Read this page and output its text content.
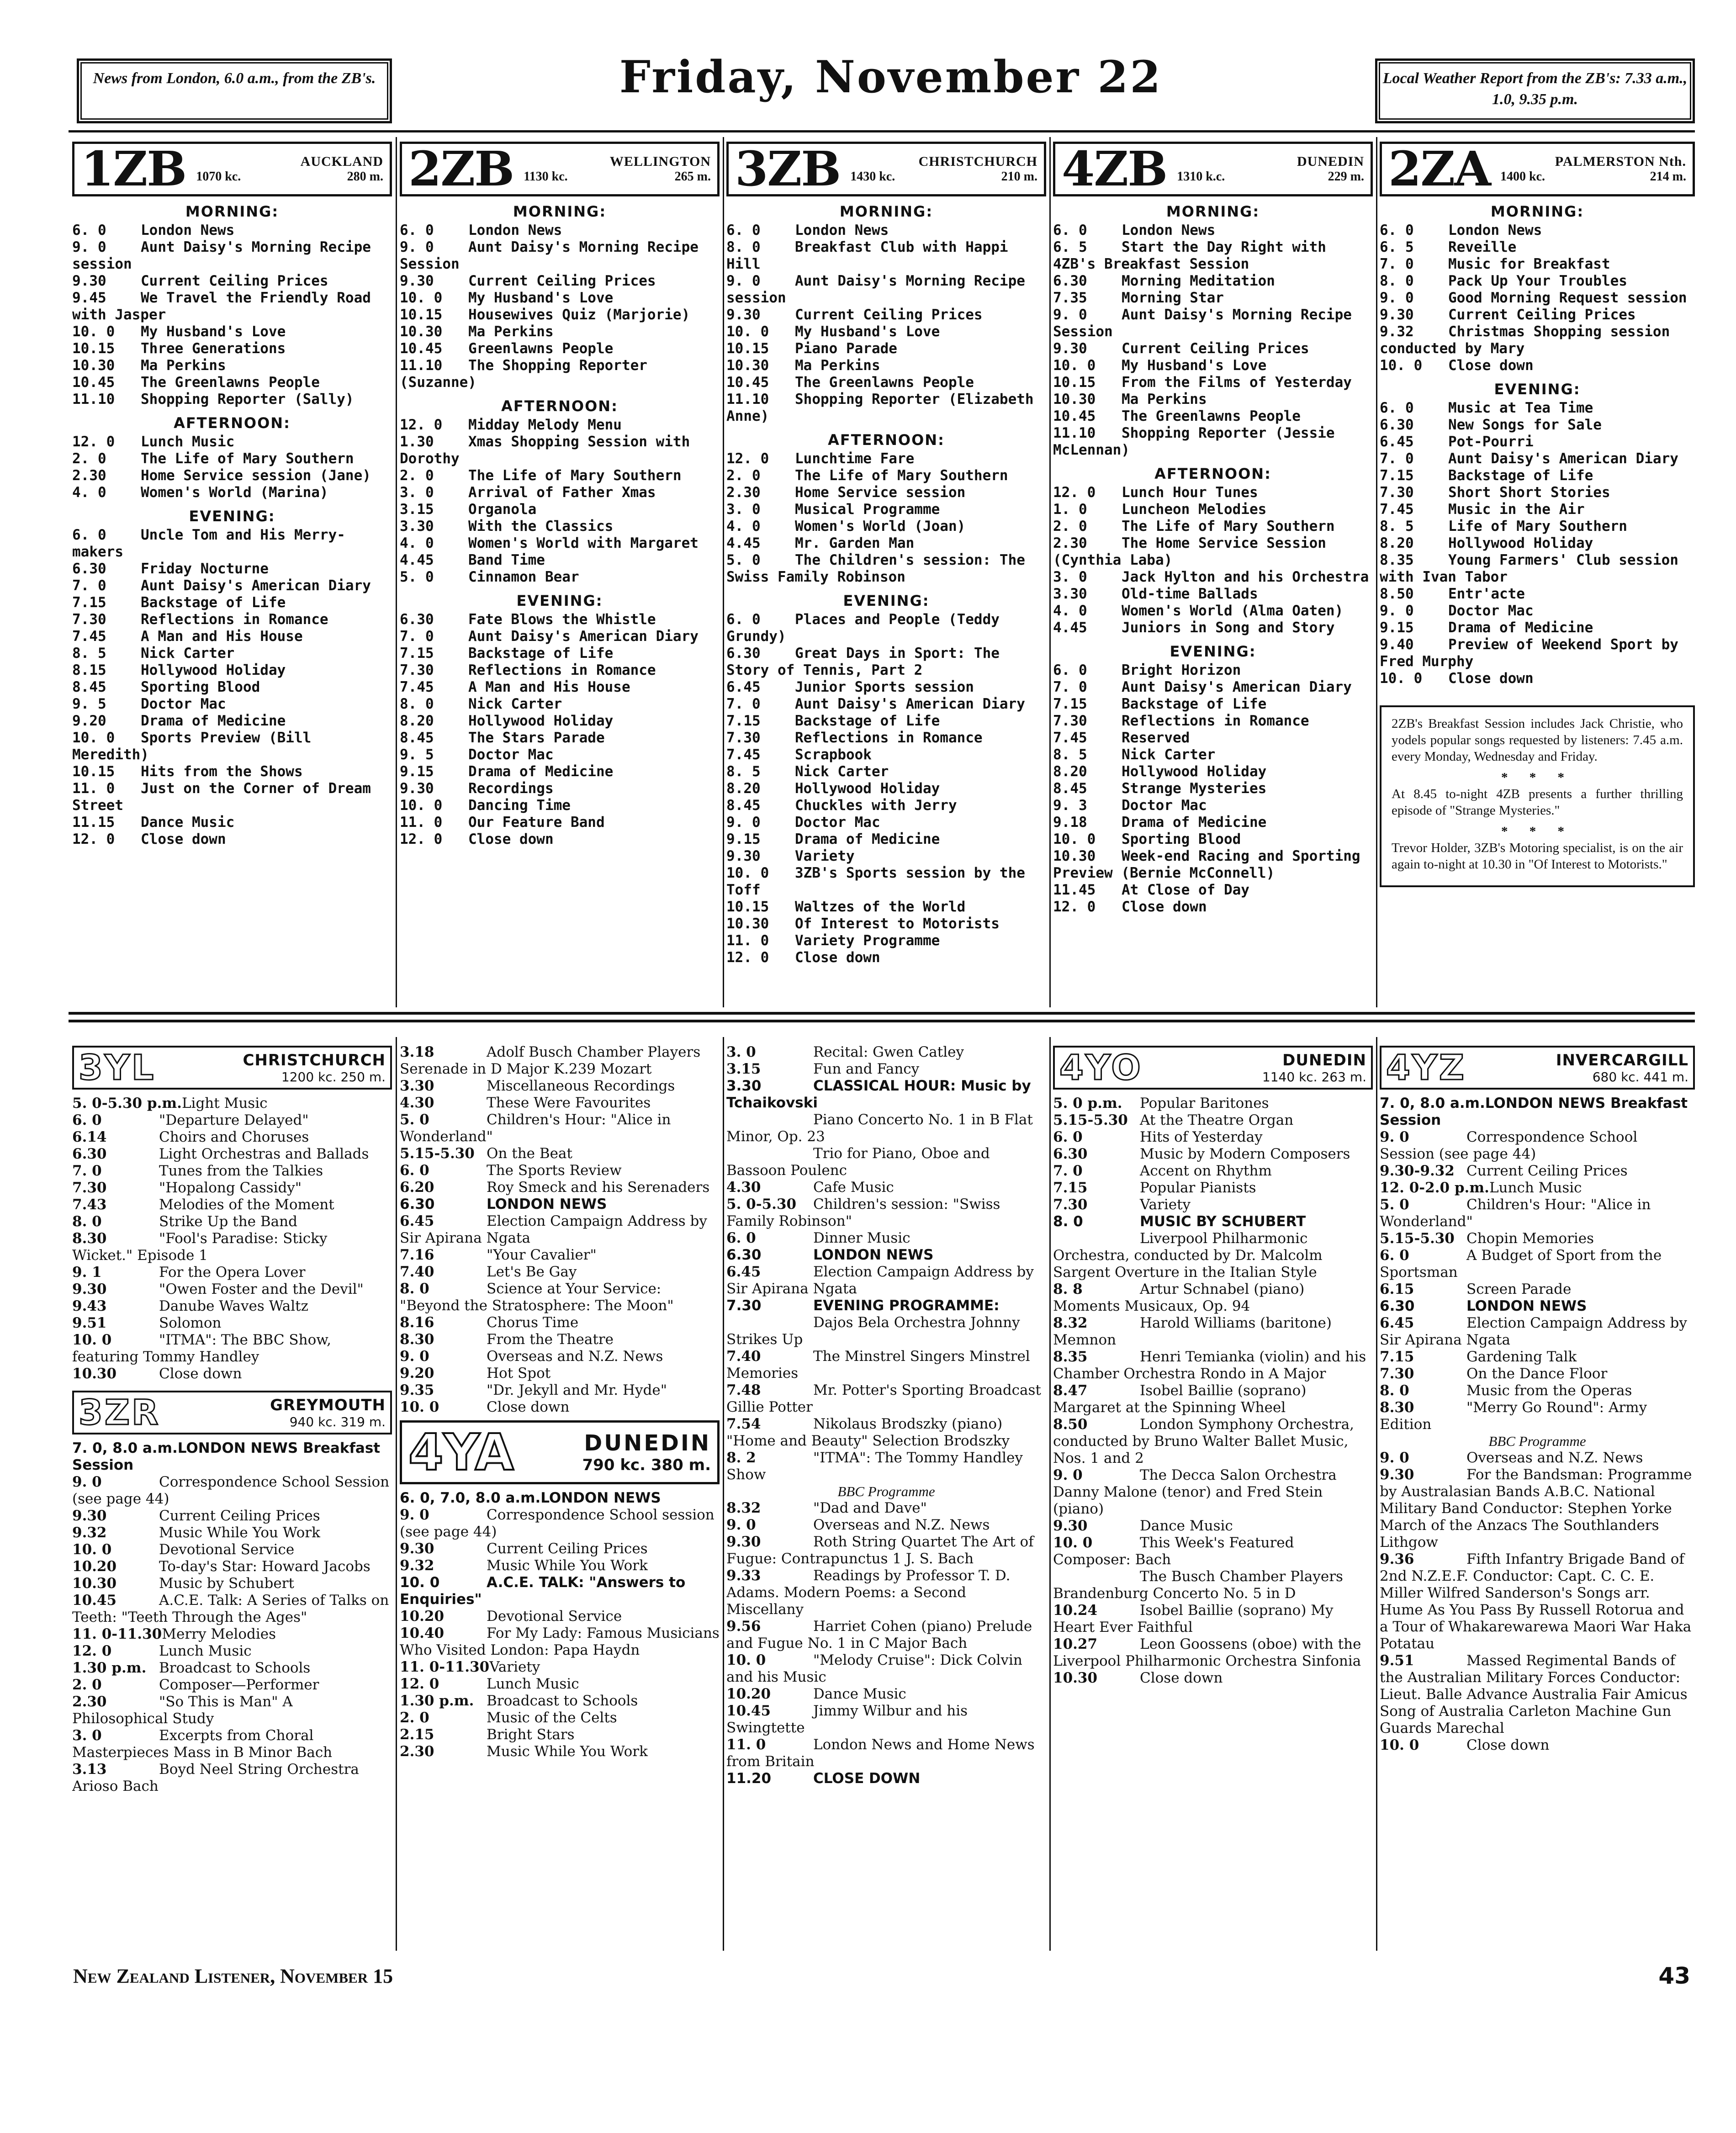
News from London, 6.0 a.m., from the ZB's.	Friday, November 22	Local Weather Report from the ZB's: 7.33 a.m., 1.0, 9.35 p.m.
1ZB	AUCKLAND
1070 kc.	280 m.
MORNING:
6. 0 London News
9. 0 Aunt Daisy's Morning Recipe session
9.30 Current Ceiling Prices
9.45 We Travel the Friendly Road with Jasper
10. 0 My Husband's Love
10.15 Three Generations
10.30 Ma Perkins
10.45 The Greenlawns People
11.10 Shopping Reporter (Sally)
AFTERNOON:
12. 0 Lunch Music
2. 0 The Life of Mary Southern
2.30 Home Service session (Jane)
4. 0 Women's World (Marina)
EVENING:
6. 0 Uncle Tom and His Merry-makers
6.30 Friday Nocturne
7. 0 Aunt Daisy's American Diary
7.15 Backstage of Life
7.30 Reflections in Romance
7.45 A Man and His House
8. 5 Nick Carter
8.15 Hollywood Holiday
8.45 Sporting Blood
9. 5 Doctor Mac
9.20 Drama of Medicine
10. 0 Sports Preview (Bill Meredith)
10.15 Hits from the Shows
11. 0 Just on the Corner of Dream Street
11.15 Dance Music
12. 0 Close down
2ZB	WELLINGTON
1130 kc.	265 m.
MORNING:
6. 0 London News
9. 0 Aunt Daisy's Morning Recipe Session
9.30 Current Ceiling Prices
10. 0 My Husband's Love
10.15 Housewives Quiz (Marjorie)
10.30 Ma Perkins
10.45 Greenlawns People
11.10 The Shopping Reporter (Suzanne)
AFTERNOON:
12. 0 Midday Melody Menu
1.30 Xmas Shopping Session with Dorothy
2. 0 The Life of Mary Southern
3. 0 Arrival of Father Xmas
3.15 Organola
3.30 With the Classics
4. 0 Women's World with Margaret
4.45 Band Time
5. 0 Cinnamon Bear
EVENING:
6.30 Fate Blows the Whistle
7. 0 Aunt Daisy's American Diary
7.15 Backstage of Life
7.30 Reflections in Romance
7.45 A Man and His House
8. 0 Nick Carter
8.20 Hollywood Holiday
8.45 The Stars Parade
9. 5 Doctor Mac
9.15 Drama of Medicine
9.30 Recordings
10. 0 Dancing Time
11. 0 Our Feature Band
12. 0 Close down
3ZB	CHRISTCHURCH
1430 kc.	210 m.
MORNING:
6. 0 London News
8. 0 Breakfast Club with Happi Hill
9. 0 Aunt Daisy's Morning Recipe session
9.30 Current Ceiling Prices
10. 0 My Husband's Love
10.15 Piano Parade
10.30 Ma Perkins
10.45 The Greenlawns People
11.10 Shopping Reporter (Elizabeth Anne)
AFTERNOON:
12. 0 Lunchtime Fare
2. 0 The Life of Mary Southern
2.30 Home Service session
3. 0 Musical Programme
4. 0 Women's World (Joan)
4.45 Mr. Garden Man
5. 0 The Children's session: The Swiss Family Robinson
EVENING:
6. 0 Places and People (Teddy Grundy)
6.30 Great Days in Sport: The Story of Tennis, Part 2
6.45 Junior Sports session
7. 0 Aunt Daisy's American Diary
7.15 Backstage of Life
7.30 Reflections in Romance
7.45 Scrapbook
8. 5 Nick Carter
8.20 Hollywood Holiday
8.45 Chuckles with Jerry
9. 0 Doctor Mac
9.15 Drama of Medicine
9.30 Variety
10. 0 3ZB's Sports session by the Toff
10.15 Waltzes of the World
10.30 Of Interest to Motorists
11. 0 Variety Programme
12. 0 Close down
4ZB	DUNEDIN
1310 k.c.	229 m.
MORNING:
6. 0 London News
6. 5 Start the Day Right with 4ZB's Breakfast Session
6.30 Morning Meditation
7.35 Morning Star
9. 0 Aunt Daisy's Morning Recipe Session
9.30 Current Ceiling Prices
10. 0 My Husband's Love
10.15 From the Films of Yesterday
10.30 Ma Perkins
10.45 The Greenlawns People
11.10 Shopping Reporter (Jessie McLennan)
AFTERNOON:
12. 0 Lunch Hour Tunes
1. 0 Luncheon Melodies
2. 0 The Life of Mary Southern
2.30 The Home Service Session (Cynthia Laba)
3. 0 Jack Hylton and his Orchestra
3.30 Old-time Ballads
4. 0 Women's World (Alma Oaten)
4.45 Juniors in Song and Story
EVENING:
6. 0 Bright Horizon
7. 0 Aunt Daisy's American Diary
7.15 Backstage of Life
7.30 Reflections in Romance
7.45 Reserved
8. 5 Nick Carter
8.20 Hollywood Holiday
8.45 Strange Mysteries
9. 3 Doctor Mac
9.18 Drama of Medicine
10. 0 Sporting Blood
10.30 Week-end Racing and Sporting Preview (Bernie McConnell)
11.45 At Close of Day
12. 0 Close down
2ZA	PALMERSTON Nth.
1400 kc.	214 m.
MORNING:
6. 0 London News
6. 5 Reveille
7. 0 Music for Breakfast
8. 0 Pack Up Your Troubles
9. 0 Good Morning Request session
9.30 Current Ceiling Prices
9.32 Christmas Shopping session conducted by Mary
10. 0 Close down
EVENING:
6. 0 Music at Tea Time
6.30 New Songs for Sale
6.45 Pot-Pourri
7. 0 Aunt Daisy's American Diary
7.15 Backstage of Life
7.30 Short Short Stories
7.45 Music in the Air
8. 5 Life of Mary Southern
8.20 Hollywood Holiday
8.35 Young Farmers' Club session with Ivan Tabor
8.50 Entr'acte
9. 0 Doctor Mac
9.15 Drama of Medicine
9.40 Preview of Weekend Sport by Fred Murphy
10. 0 Close down

2ZB's Breakfast Session includes Jack Christie, who yodels popular songs requested by listeners: 7.45 a.m. every Monday, Wednesday and Friday.

* * *

At 8.45 to-night 4ZB presents a further thrilling episode of "Strange Mysteries."

* * *

Trevor Holder, 3ZB's Motoring specialist, is on the air again to-night at 10.30 in "Of Interest to Motorists."

3YL	CHRISTCHURCH
1200 kc. 250 m.
5. 0-5.30 p.m.Light Music
6. 0	"Departure Delayed"
6.14	Choirs and Choruses
6.30	Light Orchestras and Ballads
7. 0	Tunes from the Talkies
7.30	"Hopalong Cassidy"
7.43	Melodies of the Moment
8. 0	Strike Up the Band
8.30	"Fool's Paradise: Sticky Wicket." Episode 1
9. 1	For the Opera Lover
9.30	"Owen Foster and the Devil"
9.43	Danube Waves Waltz
9.51	Solomon
10. 0	"ITMA": The BBC Show, featuring Tommy Handley
10.30	Close down
3ZR	GREYMOUTH
940 kc. 319 m.
7. 0, 8.0 a.m.LONDON NEWS Breakfast Session
9. 0	Correspondence School Session (see page 44)
9.30	Current Ceiling Prices
9.32	Music While You Work
10. 0	Devotional Service
10.20	To-day's Star: Howard Jacobs
10.30	Music by Schubert
10.45	A.C.E. Talk: A Series of Talks on Teeth: "Teeth Through the Ages"
11. 0-11.30Merry Melodies
12. 0	Lunch Music
1.30 p.m. Broadcast to Schools
2. 0	Composer—Performer
2.30	"So This is Man" A Philosophical Study
3. 0	Excerpts from Choral Masterpieces Mass in B Minor Bach
3.13	Boyd Neel String Orchestra Arioso Bach
3.18	Adolf Busch Chamber Players Serenade in D Major K.239 Mozart
3.30	Miscellaneous Recordings
4.30	These Were Favourites
5. 0	Children's Hour: "Alice in Wonderland"
5.15-5.30 On the Beat
6. 0	The Sports Review
6.20	Roy Smeck and his Serenaders
6.30	LONDON NEWS
6.45	Election Campaign Address by Sir Apirana Ngata
7.16	"Your Cavalier"
7.40	Let's Be Gay
8. 0	Science at Your Service: "Beyond the Stratosphere: The Moon"
8.16	Chorus Time
8.30	From the Theatre
9. 0	Overseas and N.Z. News
9.20	Hot Spot
9.35	"Dr. Jekyll and Mr. Hyde"
10. 0	Close down
4YA	DUNEDIN
790 kc. 380 m.
6. 0, 7.0, 8.0 a.m.LONDON NEWS
9. 0	Correspondence School session (see page 44)
9.30	Current Ceiling Prices
9.32	Music While You Work
10. 0	A.C.E. TALK: "Answers to Enquiries"
10.20	Devotional Service
10.40	For My Lady: Famous Musicians Who Visited London: Papa Haydn
11. 0-11.30Variety
12. 0	Lunch Music
1.30 p.m. Broadcast to Schools
2. 0	Music of the Celts
2.15	Bright Stars
2.30	Music While You Work
3. 0	Recital: Gwen Catley
3.15	Fun and Fancy
3.30	CLASSICAL HOUR: Music by Tchaikovski
Piano Concerto No. 1 in B Flat Minor, Op. 23
Trio for Piano, Oboe and Bassoon Poulenc
4.30	Cafe Music
5. 0-5.30 Children's session: "Swiss Family Robinson"
6. 0	Dinner Music
6.30	LONDON NEWS
6.45	Election Campaign Address by Sir Apirana Ngata
7.30	EVENING PROGRAMME:
Dajos Bela Orchestra Johnny Strikes Up
7.40	The Minstrel Singers Minstrel Memories
7.48	Mr. Potter's Sporting Broadcast Gillie Potter
7.54	Nikolaus Brodszky (piano) "Home and Beauty" Selection Brodszky
8. 2	"ITMA": The Tommy Handley Show
BBC Programme
8.32	"Dad and Dave"
9. 0	Overseas and N.Z. News
9.30	Roth String Quartet The Art of Fugue: Contrapunctus 1 J. S. Bach
9.33	Readings by Professor T. D. Adams. Modern Poems: a Second Miscellany
9.56	Harriet Cohen (piano) Prelude and Fugue No. 1 in C Major Bach
10. 0	"Melody Cruise": Dick Colvin and his Music
10.20	Dance Music
10.45	Jimmy Wilbur and his Swingtette
11. 0	London News and Home News from Britain
11.20	CLOSE DOWN
4YO	DUNEDIN
1140 kc. 263 m.
5. 0 p.m. Popular Baritones
5.15-5.30 At the Theatre Organ
6. 0	Hits of Yesterday
6.30	Music by Modern Composers
7. 0	Accent on Rhythm
7.15	Popular Pianists
7.30	Variety
8. 0	MUSIC BY SCHUBERT
Liverpool Philharmonic Orchestra, conducted by Dr. Malcolm Sargent Overture in the Italian Style
8. 8	Artur Schnabel (piano) Moments Musicaux, Op. 94
8.32	Harold Williams (baritone) Memnon
8.35	Henri Temianka (violin) and his Chamber Orchestra Rondo in A Major
8.47	Isobel Baillie (soprano) Margaret at the Spinning Wheel
8.50	London Symphony Orchestra, conducted by Bruno Walter Ballet Music, Nos. 1 and 2
9. 0	The Decca Salon Orchestra Danny Malone (tenor) and Fred Stein (piano)
9.30	Dance Music
10. 0	This Week's Featured Composer: Bach
The Busch Chamber Players Brandenburg Concerto No. 5 in D
10.24	Isobel Baillie (soprano) My Heart Ever Faithful
10.27	Leon Goossens (oboe) with the Liverpool Philharmonic Orchestra Sinfonia
10.30	Close down
4YZ	INVERCARGILL
680 kc. 441 m.
7. 0, 8.0 a.m.LONDON NEWS Breakfast Session
9. 0	Correspondence School Session (see page 44)
9.30-9.32 Current Ceiling Prices
12. 0-2.0 p.m.Lunch Music
5. 0	Children's Hour: "Alice in Wonderland"
5.15-5.30 Chopin Memories
6. 0	A Budget of Sport from the Sportsman
6.15	Screen Parade
6.30	LONDON NEWS
6.45	Election Campaign Address by Sir Apirana Ngata
7.15	Gardening Talk
7.30	On the Dance Floor
8. 0	Music from the Operas
8.30	"Merry Go Round": Army Edition
BBC Programme
9. 0	Overseas and N.Z. News
9.30	For the Bandsman: Programme by Australasian Bands A.B.C. National Military Band Conductor: Stephen Yorke March of the Anzacs The Southlanders Lithgow
9.36	Fifth Infantry Brigade Band of 2nd N.Z.E.F. Conductor: Capt. C. C. E. Miller Wilfred Sanderson's Songs arr. Hume As You Pass By Russell Rotorua and a Tour of Whakarewarewa Maori War Haka Potatau
9.51	Massed Regimental Bands of the Australian Military Forces Conductor: Lieut. Balle Advance Australia Fair Amicus Song of Australia Carleton Machine Gun Guards Marechal
10. 0	Close down
New Zealand Listener, November 15	43
